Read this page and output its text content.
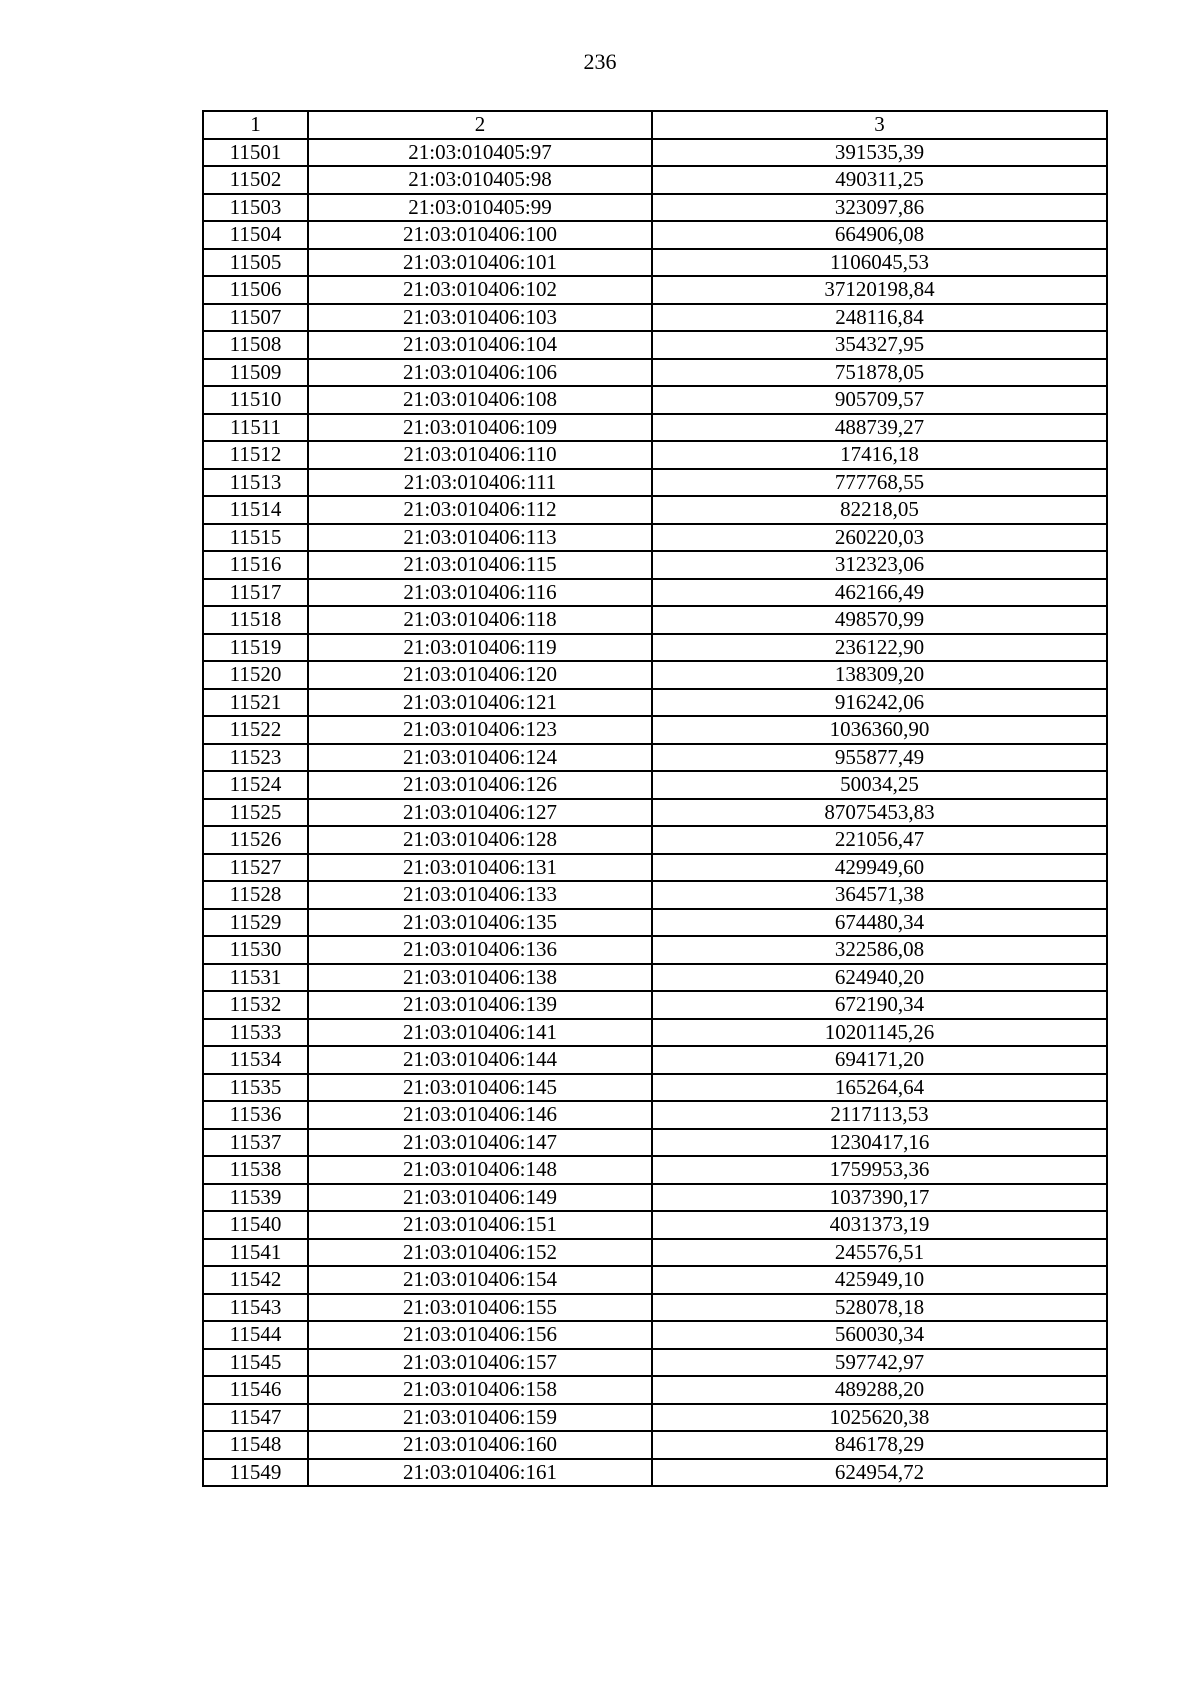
236
1	2	3
11501	21:03:010405:97	391535,39
11502	21:03:010405:98	490311,25
11503	21:03:010405:99	323097,86
11504	21:03:010406:100	664906,08
11505	21:03:010406:101	1106045,53
11506	21:03:010406:102	37120198,84
11507	21:03:010406:103	248116,84
11508	21:03:010406:104	354327,95
11509	21:03:010406:106	751878,05
11510	21:03:010406:108	905709,57
11511	21:03:010406:109	488739,27
11512	21:03:010406:110	17416,18
11513	21:03:010406:111	777768,55
11514	21:03:010406:112	82218,05
11515	21:03:010406:113	260220,03
11516	21:03:010406:115	312323,06
11517	21:03:010406:116	462166,49
11518	21:03:010406:118	498570,99
11519	21:03:010406:119	236122,90
11520	21:03:010406:120	138309,20
11521	21:03:010406:121	916242,06
11522	21:03:010406:123	1036360,90
11523	21:03:010406:124	955877,49
11524	21:03:010406:126	50034,25
11525	21:03:010406:127	87075453,83
11526	21:03:010406:128	221056,47
11527	21:03:010406:131	429949,60
11528	21:03:010406:133	364571,38
11529	21:03:010406:135	674480,34
11530	21:03:010406:136	322586,08
11531	21:03:010406:138	624940,20
11532	21:03:010406:139	672190,34
11533	21:03:010406:141	10201145,26
11534	21:03:010406:144	694171,20
11535	21:03:010406:145	165264,64
11536	21:03:010406:146	2117113,53
11537	21:03:010406:147	1230417,16
11538	21:03:010406:148	1759953,36
11539	21:03:010406:149	1037390,17
11540	21:03:010406:151	4031373,19
11541	21:03:010406:152	245576,51
11542	21:03:010406:154	425949,10
11543	21:03:010406:155	528078,18
11544	21:03:010406:156	560030,34
11545	21:03:010406:157	597742,97
11546	21:03:010406:158	489288,20
11547	21:03:010406:159	1025620,38
11548	21:03:010406:160	846178,29
11549	21:03:010406:161	624954,72
